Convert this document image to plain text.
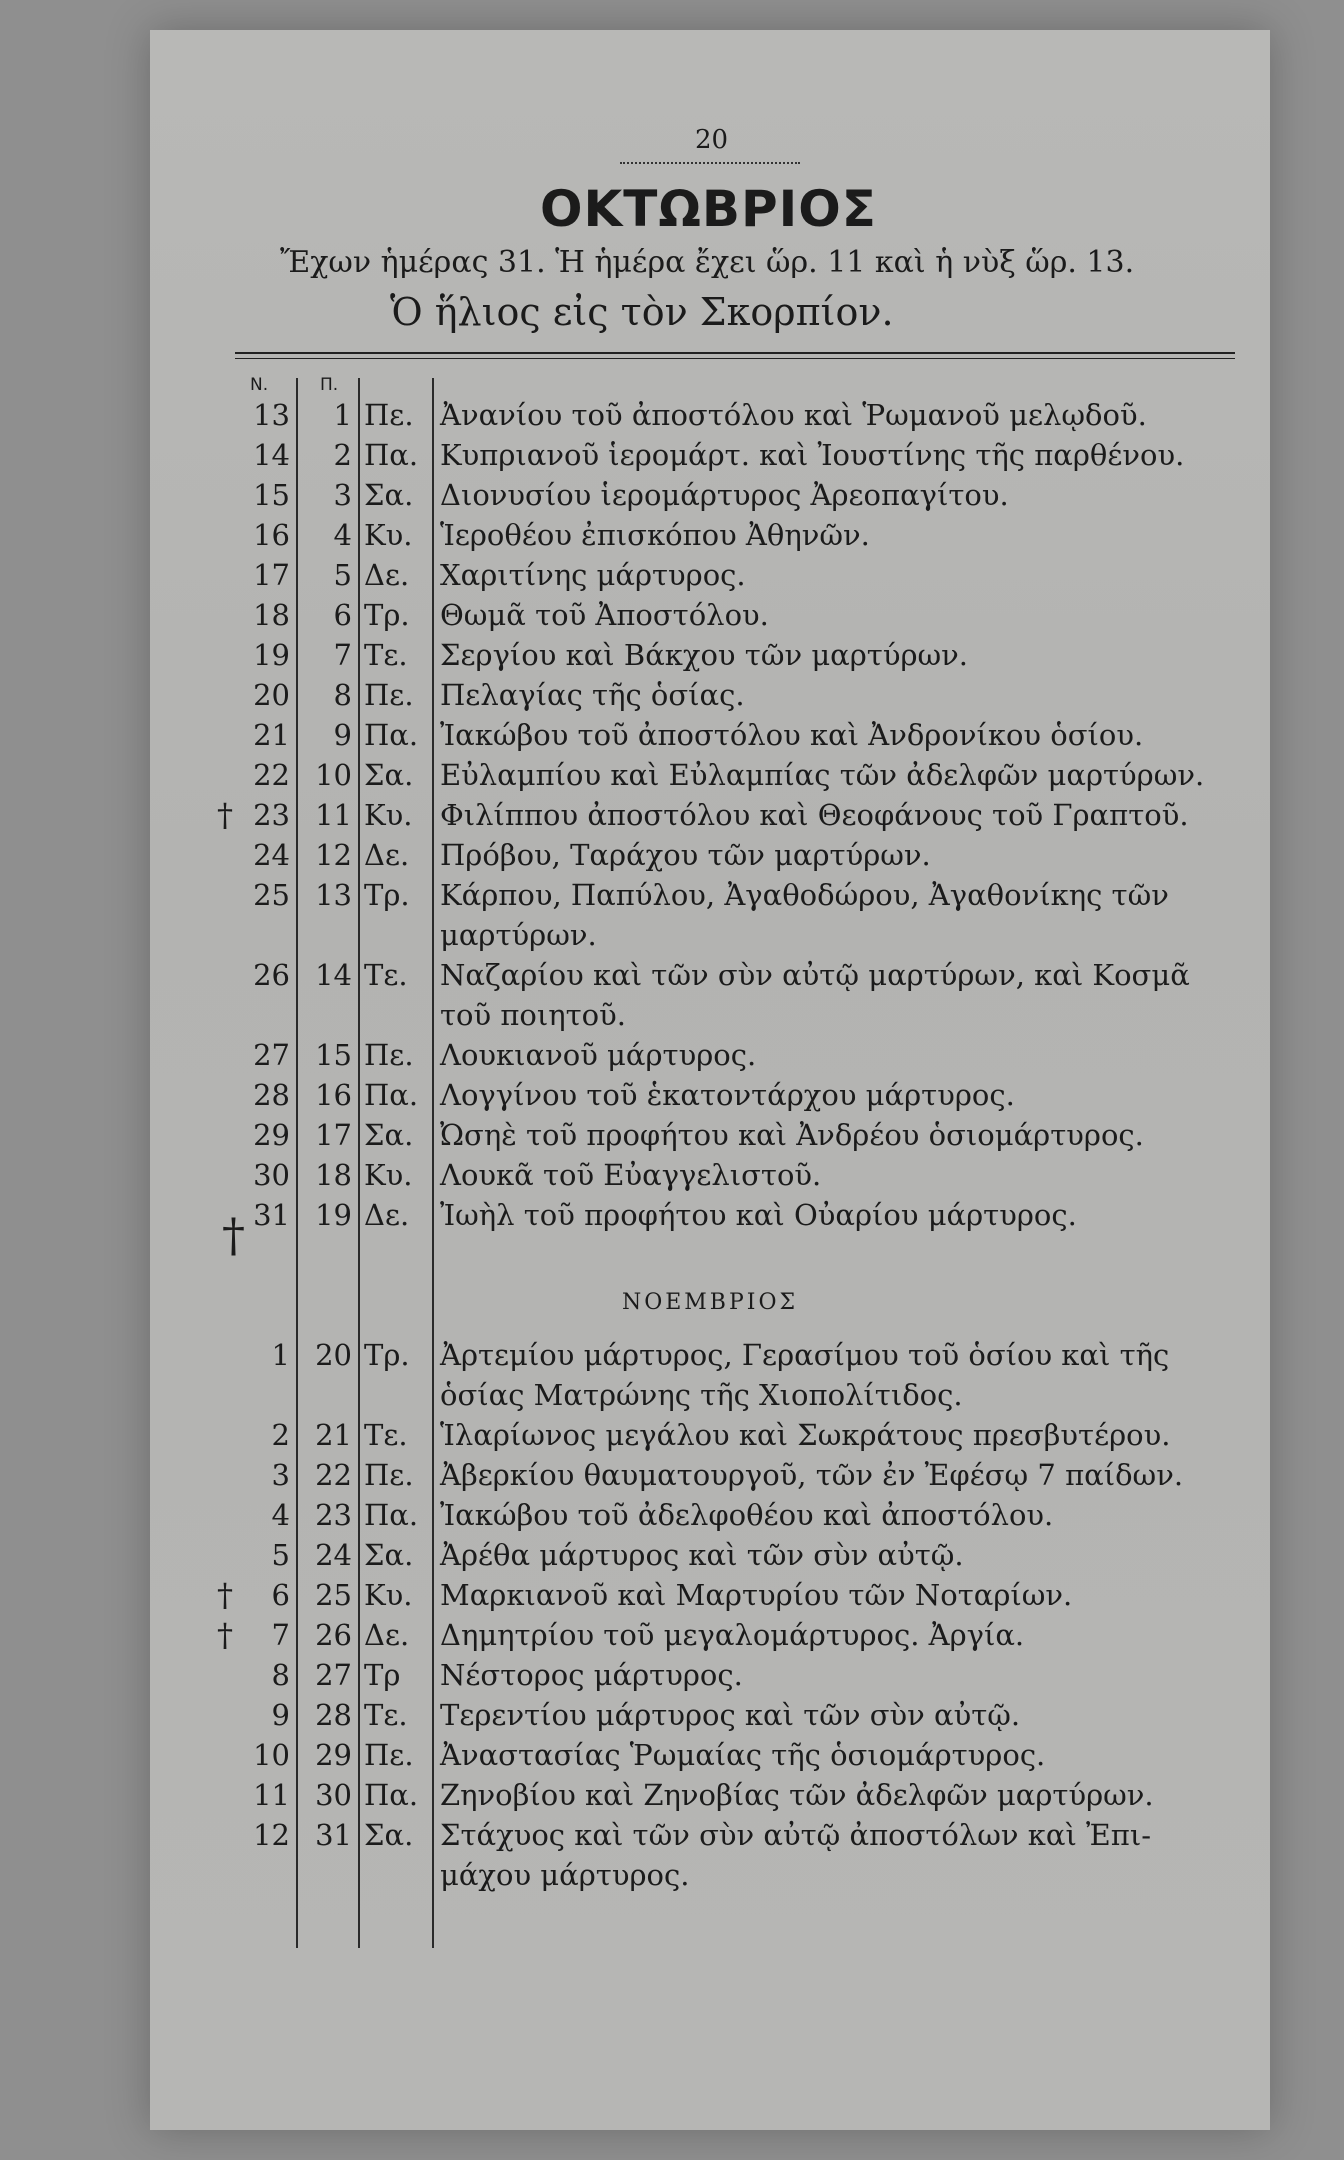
20
ΟΚΤΩΒΡΙΟΣ
Ἔχων ἡμέρας 31. Ἡ ἡμέρα ἔχει ὥρ. 11 καὶ ἡ νὺξ ὥρ. 13.
Ὁ ἥλιος εἰς τὸν Σκορπίον.
Ν.	Π.
13	1 Πε. Ἀνανίου τοῦ ἀποστόλου καὶ Ῥωμανοῦ μελῳδοῦ.
14	2 Πα. Κυπριανοῦ ἱερομάρτ. καὶ Ἰουστίνης τῆς παρθένου.
15	3 Σα. Διονυσίου ἱερομάρτυρος Ἀρεοπαγίτου.
16	4 Κυ. Ἱεροθέου ἐπισκόπου Ἀθηνῶν.
17	5 Δε.	Χαριτίνης μάρτυρος.
18	6 Τρ.	Θωμᾶ τοῦ Ἀποστόλου.
19	7 Τε.	Σεργίου καὶ Βάκχου τῶν μαρτύρων.
20	8 Πε. Πελαγίας τῆς ὁσίας.
21	9 Πα. Ἰακώβου τοῦ ἀποστόλου καὶ Ἀνδρονίκου ὁσίου.
22 10 Σα. Εὐλαμπίου καὶ Εὐλαμπίας τῶν ἀδελφῶν μαρτύρων.
† 23 11 Κυ. Φιλίππου ἀποστόλου καὶ Θεοφάνους τοῦ Γραπτοῦ.
24 12 Δε.	Πρόβου, Ταράχου τῶν μαρτύρων.
25 13 Τρ.	Κάρπου, Παπύλου, Ἀγαθοδώρου, Ἀγαθονίκης τῶν
μαρτύρων.
26 14 Τε.	Ναζαρίου καὶ τῶν σὺν αὐτῷ μαρτύρων, καὶ Κοσμᾶ
τοῦ ποιητοῦ.
27 15 Πε. Λουκιανοῦ μάρτυρος.
28 16 Πα. Λογγίνου τοῦ ἑκατοντάρχου μάρτυρος.
29 17 Σα. Ὠσηὲ τοῦ προφήτου καὶ Ἀνδρέου ὁσιομάρτυρος.
30 18 Κυ. Λουκᾶ τοῦ Εὐαγγελιστοῦ.
31 19 Δε.	Ἰωὴλ τοῦ προφήτου καὶ Οὐαρίου μάρτυρος.
†
ΝΟΕΜΒΡΙΟΣ
1 20 Τρ.	Ἀρτεμίου μάρτυρος, Γερασίμου τοῦ ὁσίου καὶ τῆς
ὁσίας Ματρώνης τῆς Χιοπολίτιδος.
2 21 Τε.	Ἱλαρίωνος μεγάλου καὶ Σωκράτους πρεσβυτέρου.
3 22 Πε. Ἀβερκίου θαυματουργοῦ, τῶν ἐν Ἐφέσῳ 7 παίδων.
4 23 Πα. Ἰακώβου τοῦ ἀδελφοθέου καὶ ἀποστόλου.
5 24 Σα. Ἀρέθα μάρτυρος καὶ τῶν σὺν αὐτῷ.
†	6 25 Κυ. Μαρκιανοῦ καὶ Μαρτυρίου τῶν Νοταρίων.
†	7 26 Δε.	Δημητρίου τοῦ μεγαλομάρτυρος. Ἀργία.
8 27 Τρ	Νέστορος μάρτυρος.
9 28 Τε.	Τερεντίου μάρτυρος καὶ τῶν σὺν αὐτῷ.
10 29 Πε. Ἀναστασίας Ῥωμαίας τῆς ὁσιομάρτυρος.
11 30 Πα. Ζηνοβίου καὶ Ζηνοβίας τῶν ἀδελφῶν μαρτύρων.
12 31 Σα. Στάχυος καὶ τῶν σὺν αὐτῷ ἀποστόλων καὶ Ἐπι-
μάχου μάρτυρος.
